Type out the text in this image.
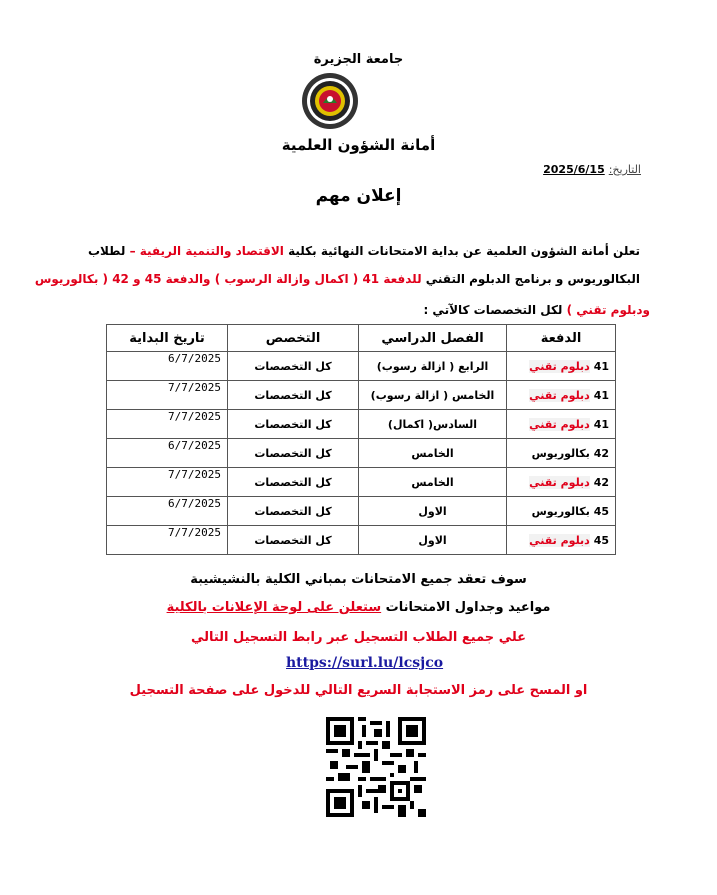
جامعة الجزيرة
أمانة الشؤون العلمية
التاريخ:2025/6/15
إعلان مهم
تعلن أمانة الشؤون العلمية عن بداية الامتحانات النهائية بكلية الاقتصاد والتنمية الريفية – لطلاب
البكالوريوس و برنامج الدبلوم التقني للدفعة 41 ( اكمال وازالة الرسوب ) والدفعة 45 و 42 ( بكالوريوس
ودبلوم تقني ) لكل التخصصات كالآتي :
الدفعة	الفصل الدراسي	التخصص	تاريخ البداية
41 دبلوم تقني	الرابع ( ازالة رسوب)	كل التخصصات	6/7/2025
41 دبلوم تقني	الخامس ( ازالة رسوب)	كل التخصصات	7/7/2025
41 دبلوم تقني	السادس( اكمال)	كل التخصصات	7/7/2025
42 بكالوريوس	الخامس	كل التخصصات	6/7/2025
42 دبلوم تقني	الخامس	كل التخصصات	7/7/2025
45 بكالوريوس	الاول	كل التخصصات	6/7/2025
45 دبلوم تقني	الاول	كل التخصصات	7/7/2025
سوف تعقد جميع الامتحانات بمباني الكلية بالنشيشيبة
مواعيد وجداول الامتحانات ستعلن على لوحة الإعلانات بالكلية
علي جميع الطلاب التسجيل عبر رابط التسجيل التالي
https://surl.lu/lcsjco
او المسح على رمز الاستجابة السريع التالي للدخول على صفحة التسجيل
